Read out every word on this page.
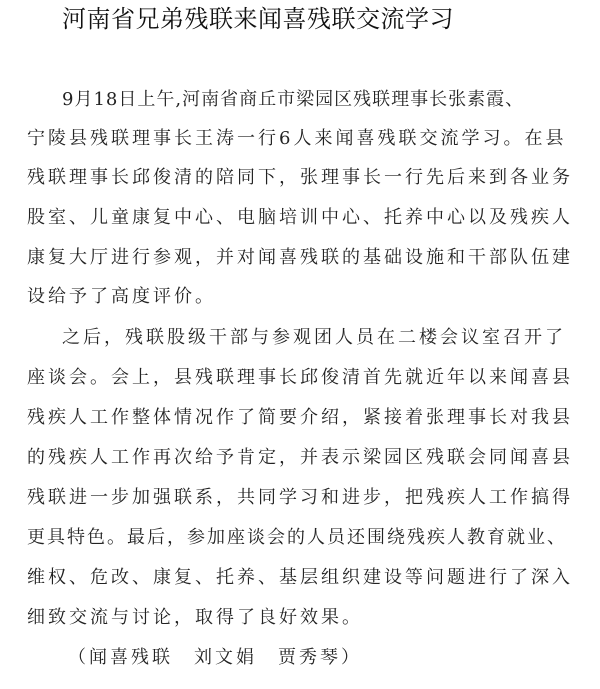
河南省兄弟残联来闻喜残联交流学习
9月18日上午,河南省商丘市梁园区残联理事长张素霞、
宁陵县残联理事长王涛一行6人来闻喜残联交流学习。在县
残联理事长邱俊清的陪同下，张理事长一行先后来到各业务
股室、儿童康复中心、电脑培训中心、托养中心以及残疾人
康复大厅进行参观，并对闻喜残联的基础设施和干部队伍建
设给予了高度评价。
之后，残联股级干部与参观团人员在二楼会议室召开了
座谈会。会上，县残联理事长邱俊清首先就近年以来闻喜县
残疾人工作整体情况作了简要介绍，紧接着张理事长对我县
的残疾人工作再次给予肯定，并表示梁园区残联会同闻喜县
残联进一步加强联系，共同学习和进步，把残疾人工作搞得
更具特色。最后，参加座谈会的人员还围绕残疾人教育就业、
维权、危改、康复、托养、基层组织建设等问题进行了深入
细致交流与讨论，取得了良好效果。
（闻喜残联　刘文娟　贾秀琴）
